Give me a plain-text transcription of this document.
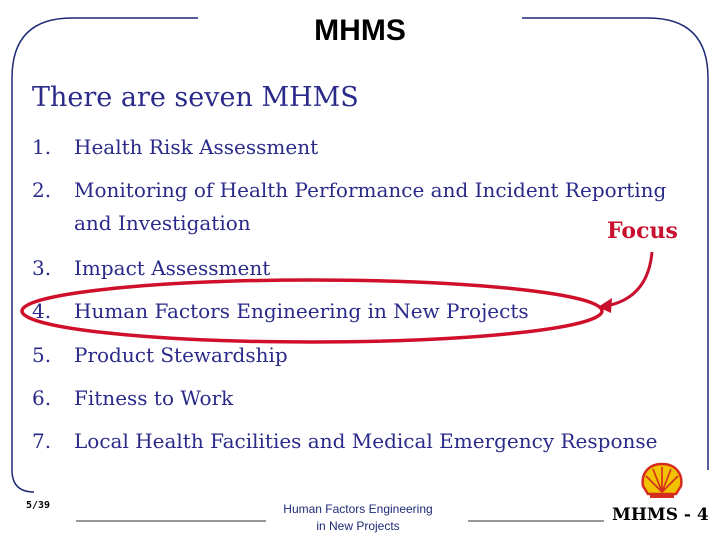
MHMS
There are seven MHMS
1.	Health Risk Assessment
2.	Monitoring of Health Performance and Incident Reporting
and Investigation
3.	Impact Assessment
4.	Human Factors Engineering in New Projects
5.	Product Stewardship
6.	Fitness to Work
7.	Local Health Facilities and Medical Emergency Response
Focus
5/39	Human Factors Engineering
in New Projects
MHMS - 4
